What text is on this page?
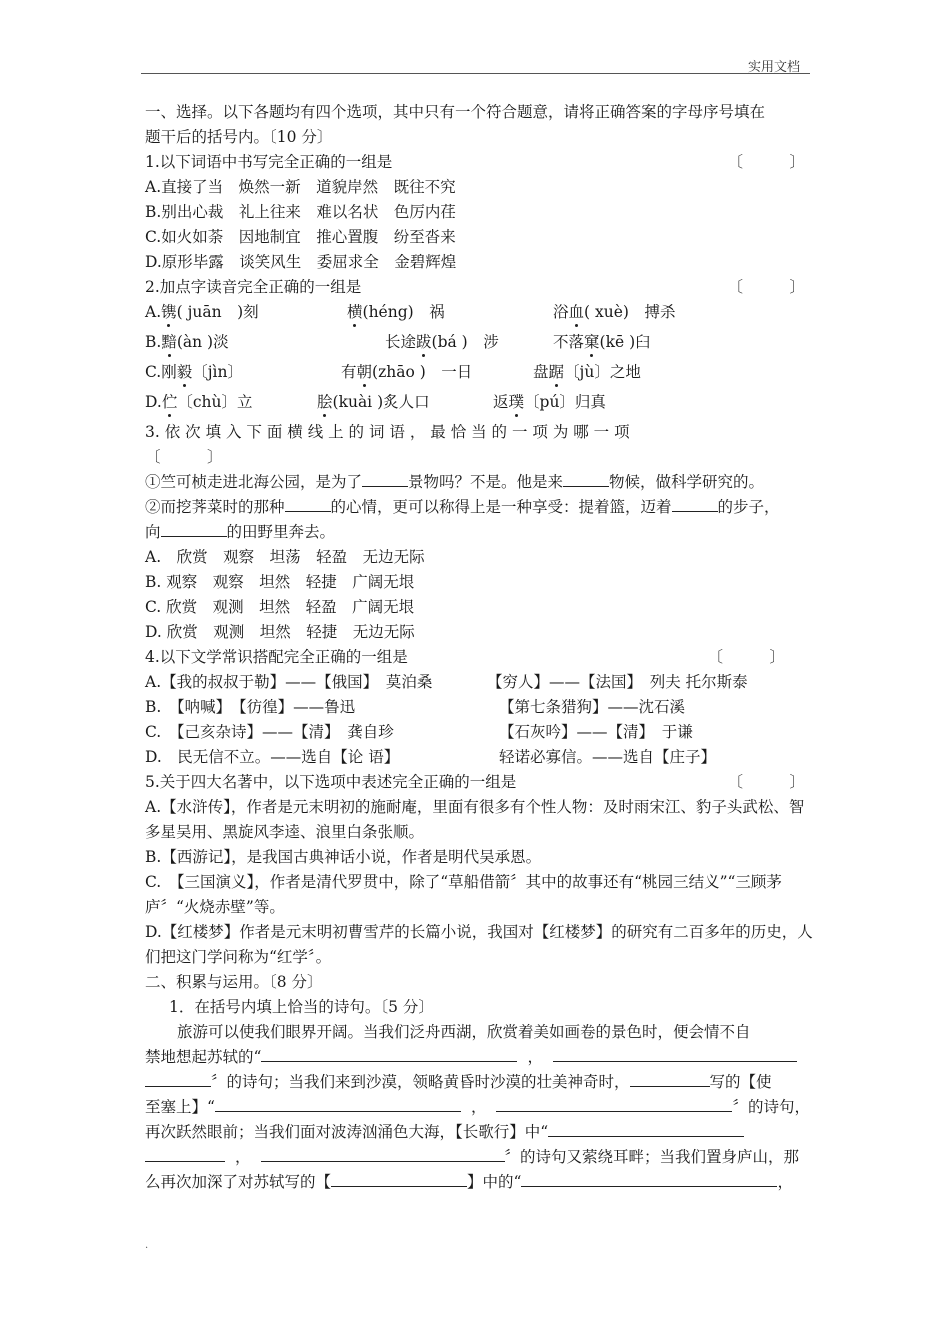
实用文档
一、选择。以下各题均有四个选项，其中只有一个符合题意，请将正确答案的字母序号填在
题干后的括号内。〔10 分〕
1.以下词语中书写完全正确的一组是	〔　　　〕
A.直接了当　焕然一新　道貌岸然　既往不究
B.别出心裁　礼上往来　难以名状　色厉内荏
C.如火如荼　因地制宜　推心置腹　纷至沓来
D.原形毕露　谈笑风生　委屈求全　金碧辉煌
2.加点字读音完全正确的一组是	〔　　　〕
A.镌( juān　)刻	横(héng)　祸	浴血( xuè)　搏杀
B.黯(àn )淡	长途跋(bá )　涉	不落窠(kē )臼
C.刚毅〔jìn〕	有朝(zhāo )　一日	盘踞〔jù〕之地
D.伫〔chù〕立	脍(kuài )炙人口	返璞〔pú〕归真
3. 依 次 填 入 下 面 横 线 上 的 词 语 ， 最 恰 当 的 一 项 为 哪 一 项
〔　　　〕
①竺可桢走进北海公园，是为了	景物吗？不是。他是来	物候，做科学研究的。
②而挖荠菜时的那种	的心情，更可以称得上是一种享受：提着篮，迈着	的步子，
向	的田野里奔去。
A.　欣赏　观察　坦荡　轻盈　无边无际
B. 观察　观察　坦然　轻捷　广阔无垠
C. 欣赏　观测　坦然　轻盈　广阔无垠
D. 欣赏　观测　坦然　轻捷　无边无际
4.以下文学常识搭配完全正确的一组是	〔　　　〕
A.【我的叔叔于勒】——【俄国】　莫泊桑	【穷人】——【法国】　列夫 托尔斯泰
B.　【呐喊】　【彷徨】——鲁迅	【第七条猎狗】——沈石溪
C.　【己亥杂诗】——【清】　龚自珍	【石灰吟】——【清】　于谦
D.　民无信不立。——选自【论 语】	轻诺必寡信。——选自【庄子】
5.关于四大名著中，以下选项中表述完全正确的一组是	〔　　　〕
A.【水浒传】，作者是元末明初的施耐庵，里面有很多有个性人物：及时雨宋江、豹子头武松、智多星吴用、黑旋风李逵、浪里白条张顺。
B.【西游记】，是我国古典神话小说，作者是明代吴承恩。
C.　【三国演义】，作者是清代罗贯中，除了“草船借箭〞其中的故事还有“桃园三结义”“三顾茅庐〞“火烧赤壁”等。
D.【红楼梦】作者是元末明初曹雪芹的长篇小说，我国对【红楼梦】的研究有二百多年的历史，人们把这门学问称为“红学〞。
二、积累与运用。〔8 分〕
1．在括号内填上恰当的诗句。〔5 分〕
旅游可以使我们眼界开阔。当我们泛舟西湖，欣赏着美如画卷的景色时，便会情不自
禁地想起苏轼的“	，
〞的诗句；当我们来到沙漠，领略黄昏时沙漠的壮美神奇时，	写的【使
至塞上】“	，	〞的诗句，
再次跃然眼前；当我们面对波涛汹涌色大海，【长歌行】中“
，	〞的诗句又萦绕耳畔；当我们置身庐山，那
么再次加深了对苏轼写的【	】中的“	，
.
